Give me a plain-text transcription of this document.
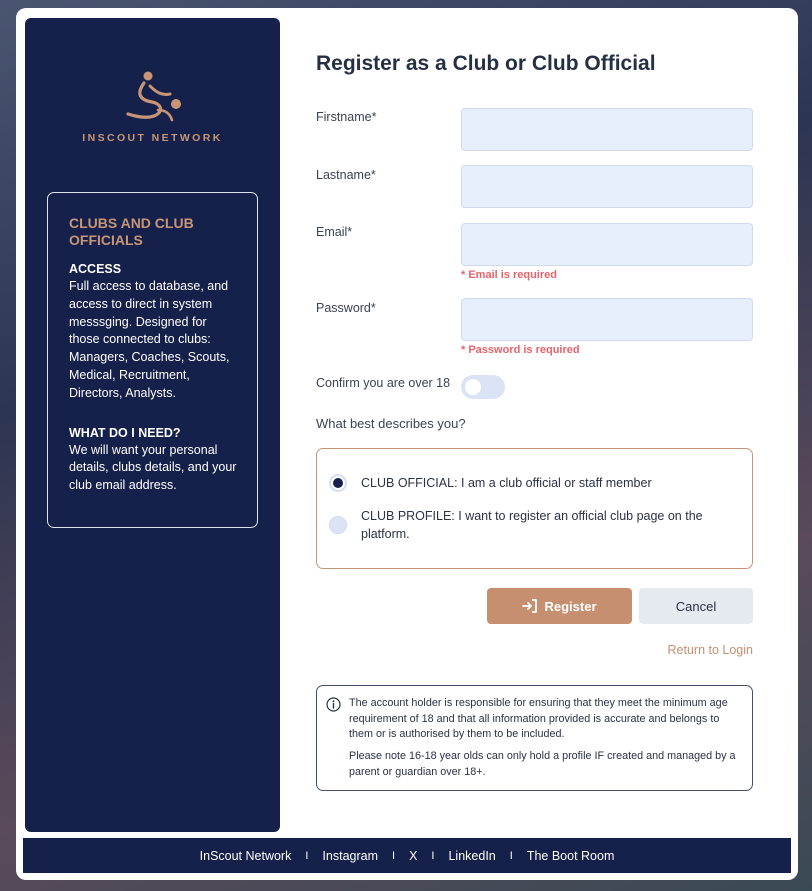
INSCOUT NETWORK
CLUBS AND CLUB OFFICIALS
ACCESS
Full access to database, and access to direct in system messsging. Designed for those connected to clubs: Managers, Coaches, Scouts, Medical, Recruitment, Directors, Analysts.
WHAT DO I NEED?
We will want your personal details, clubs details, and your club email address.
Register as a Club or Club Official
Firstname*
Lastname*
Email*
* Email is required
Password*
* Password is required
Confirm you are over 18
What best describes you?
CLUB OFFICIAL: I am a club official or staff member
CLUB PROFILE: I want to register an official club page on the platform.
Register	Cancel
Return to Login

The account holder is responsible for ensuring that they meet the minimum age requirement of 18 and that all information provided is accurate and belongs to them or is authorised by them to be included.

Please note 16-18 year olds can only hold a profile IF created and managed by a parent or guardian over 18+.

InScout Network I Instagram I X I LinkedIn I The Boot Room
